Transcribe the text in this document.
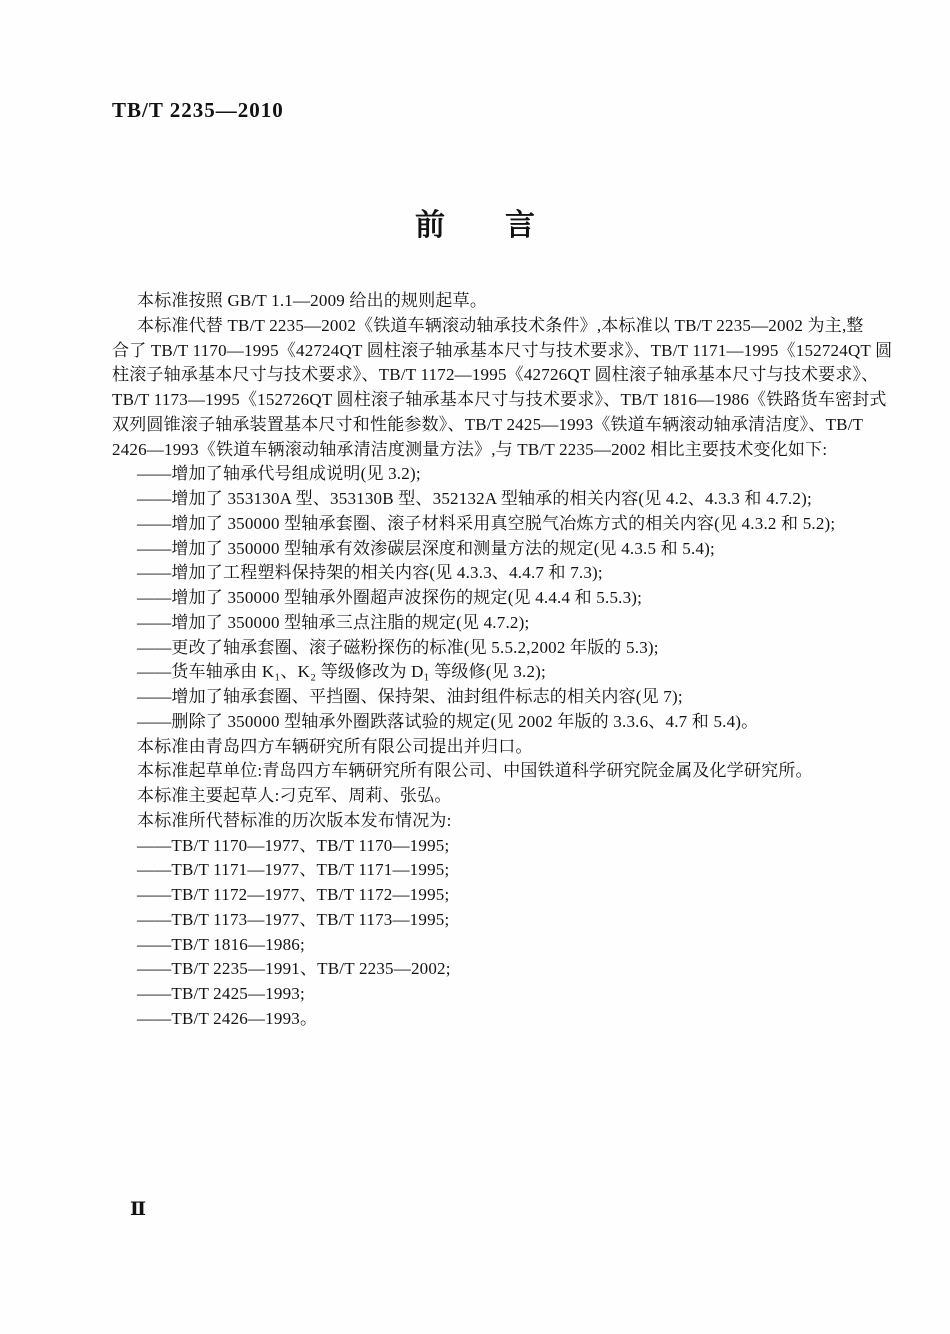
TB/T 2235—2010
前　　言
本标准按照 GB/T 1.1—2009 给出的规则起草。
本标准代替 TB/T 2235—2002《铁道车辆滚动轴承技术条件》,本标准以 TB/T 2235—2002 为主,整
合了 TB/T 1170—1995《42724QT 圆柱滚子轴承基本尺寸与技术要求》、TB/T 1171—1995《152724QT 圆
柱滚子轴承基本尺寸与技术要求》、TB/T 1172—1995《42726QT 圆柱滚子轴承基本尺寸与技术要求》、
TB/T 1173—1995《152726QT 圆柱滚子轴承基本尺寸与技术要求》、TB/T 1816—1986《铁路货车密封式
双列圆锥滚子轴承装置基本尺寸和性能参数》、TB/T 2425—1993《铁道车辆滚动轴承清洁度》、TB/T
2426—1993《铁道车辆滚动轴承清洁度测量方法》,与 TB/T 2235—2002 相比主要技术变化如下:
——增加了轴承代号组成说明(见 3.2);
——增加了 353130A 型、353130B 型、352132A 型轴承的相关内容(见 4.2、4.3.3 和 4.7.2);
——增加了 350000 型轴承套圈、滚子材料采用真空脱气冶炼方式的相关内容(见 4.3.2 和 5.2);
——增加了 350000 型轴承有效渗碳层深度和测量方法的规定(见 4.3.5 和 5.4);
——增加了工程塑料保持架的相关内容(见 4.3.3、4.4.7 和 7.3);
——增加了 350000 型轴承外圈超声波探伤的规定(见 4.4.4 和 5.5.3);
——增加了 350000 型轴承三点注脂的规定(见 4.7.2);
——更改了轴承套圈、滚子磁粉探伤的标准(见 5.5.2,2002 年版的 5.3);
——货车轴承由 K₁、K₂ 等级修改为 D₁ 等级修(见 3.2);
——增加了轴承套圈、平挡圈、保持架、油封组件标志的相关内容(见 7);
——删除了 350000 型轴承外圈跌落试验的规定(见 2002 年版的 3.3.6、4.7 和 5.4)。
本标准由青岛四方车辆研究所有限公司提出并归口。
本标准起草单位:青岛四方车辆研究所有限公司、中国铁道科学研究院金属及化学研究所。
本标准主要起草人:刁克军、周莉、张弘。
本标准所代替标准的历次版本发布情况为:
——TB/T 1170—1977、TB/T 1170—1995;
——TB/T 1171—1977、TB/T 1171—1995;
——TB/T 1172—1977、TB/T 1172—1995;
——TB/T 1173—1977、TB/T 1173—1995;
——TB/T 1816—1986;
——TB/T 2235—1991、TB/T 2235—2002;
——TB/T 2425—1993;
——TB/T 2426—1993。
Ⅱ
